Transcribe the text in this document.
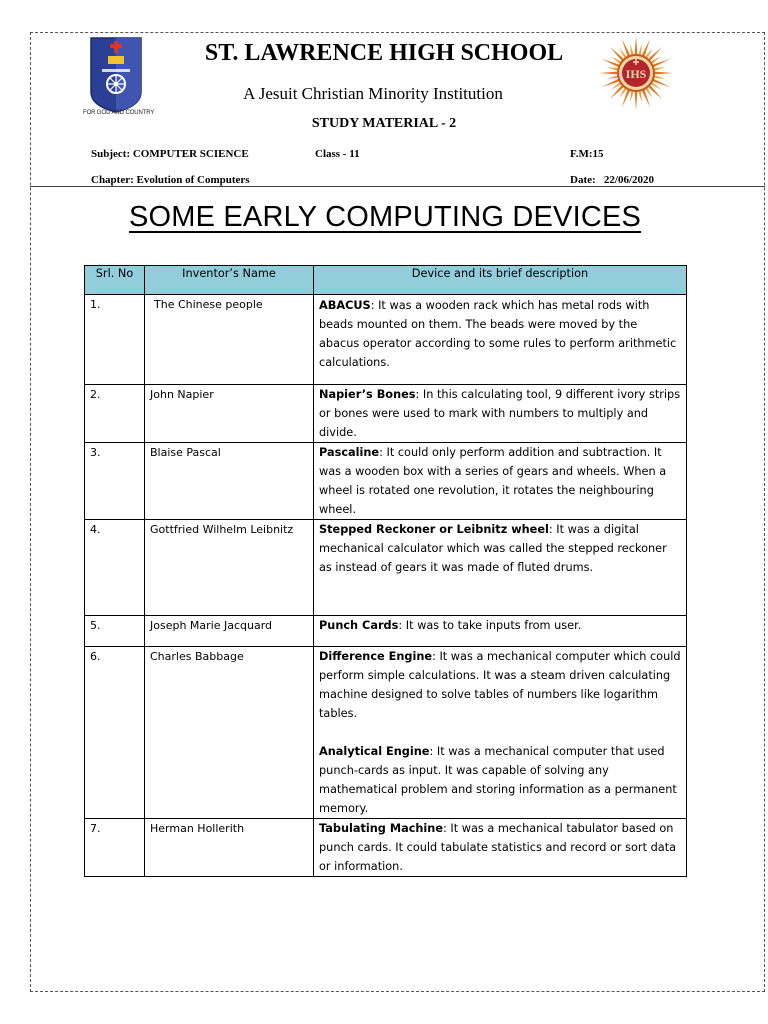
FOR GOD AND COUNTRY
IHS
ST. LAWRENCE HIGH SCHOOL
A Jesuit Christian Minority Institution
STUDY MATERIAL - 2
Subject: COMPUTER SCIENCE	Class - 11	F.M:15
Chapter: Evolution of Computers	Date:   22/06/2020
SOME EARLY COMPUTING DEVICES
Srl. No	Inventor’s Name	Device and its brief description
1.	The Chinese people	ABACUS: It was a wooden rack which has metal rods with beads mounted on them. The beads were moved by the abacus operator according to some rules to perform arithmetic calculations.

2.	John Napier	Napier’s Bones: In this calculating tool, 9 different ivory strips or bones were used to mark with numbers to multiply and divide.

3.	Blaise Pascal	Pascaline: It could only perform addition and subtraction. It was a wooden box with a series of gears and wheels. When a wheel is rotated one revolution, it rotates the neighbouring wheel.

4.	Gottfried Wilhelm Leibnitz	Stepped Reckoner or Leibnitz wheel: It was a digital mechanical calculator which was called the stepped reckoner as instead of gears it was made of fluted drums.

5.	Joseph Marie Jacquard	Punch Cards: It was to take inputs from user.

6.	Charles Babbage	Difference Engine: It was a mechanical computer which could perform simple calculations. It was a steam driven calculating machine designed to solve tables of numbers like logarithm tables.

Analytical Engine: It was a mechanical computer that used punch-cards as input. It was capable of solving any mathematical problem and storing information as a permanent memory.

7.	Herman Hollerith	Tabulating Machine: It was a mechanical tabulator based on punch cards. It could tabulate statistics and record or sort data or information.
